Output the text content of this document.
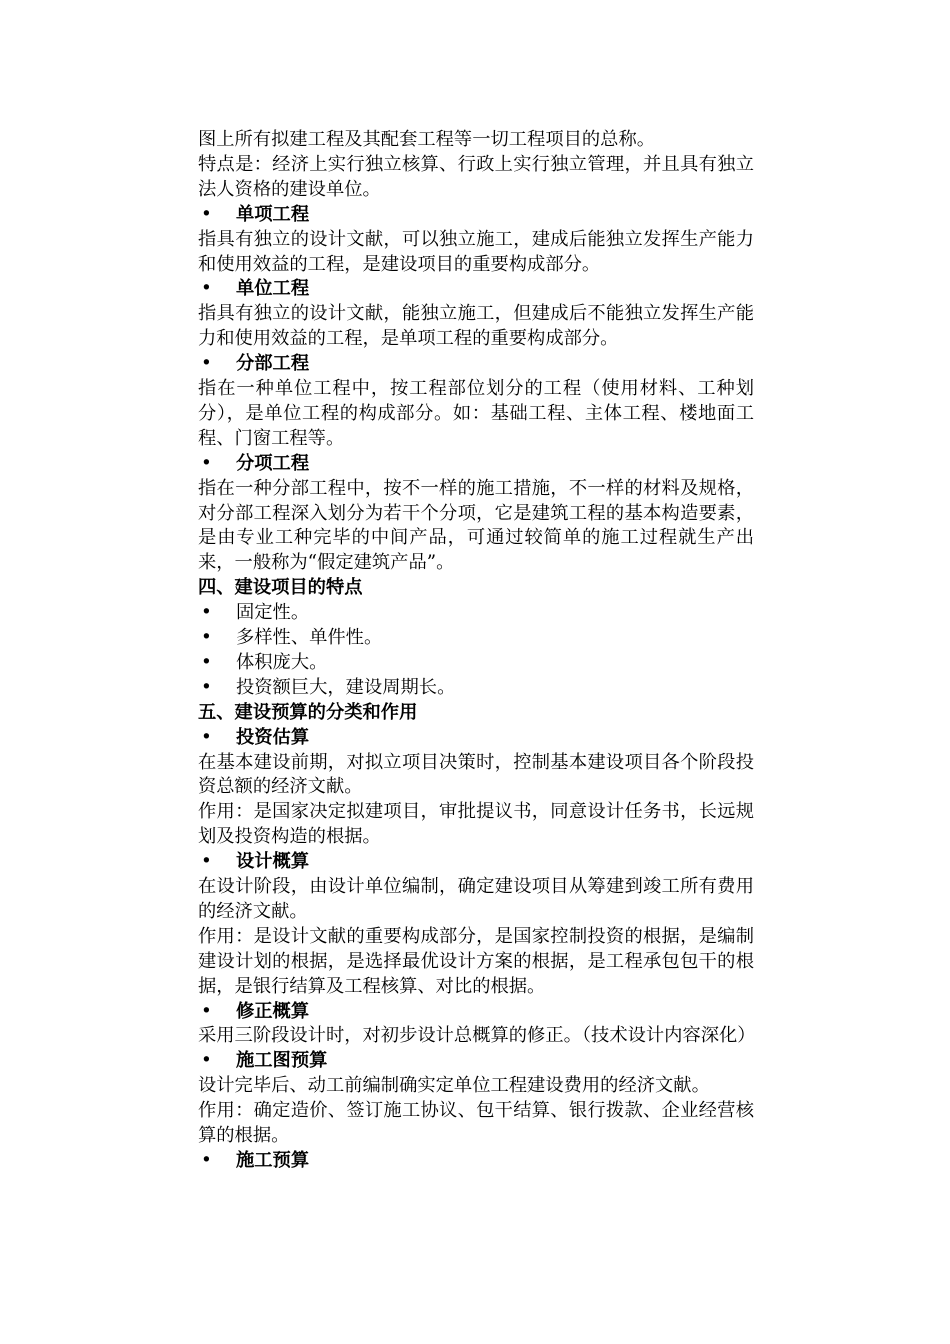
图上所有拟建工程及其配套工程等一切工程项目的总称。

特点是：经济上实行独立核算、行政上实行独立管理，并且具有独立法人资格的建设单位。

•	单项工程

指具有独立的设计文献，可以独立施工，建成后能独立发挥生产能力和使用效益的工程，是建设项目的重要构成部分。

•	单位工程

指具有独立的设计文献，能独立施工，但建成后不能独立发挥生产能力和使用效益的工程，是单项工程的重要构成部分。

•	分部工程

指在一种单位工程中，按工程部位划分的工程（使用材料、工种划分），是单位工程的构成部分。如：基础工程、主体工程、楼地面工程、门窗工程等。

•	分项工程

指在一种分部工程中，按不一样的施工措施，不一样的材料及规格，对分部工程深入划分为若干个分项，它是建筑工程的基本构造要素，是由专业工种完毕的中间产品，可通过较简单的施工过程就生产出来，一般称为“假定建筑产品”。

四、建设项目的特点
•	固定性。
•	多样性、单件性。
•	体积庞大。
•	投资额巨大，建设周期长。
五、建设预算的分类和作用
•	投资估算

在基本建设前期，对拟立项目决策时，控制基本建设项目各个阶段投资总额的经济文献。

作用：是国家决定拟建项目，审批提议书，同意设计任务书，长远规划及投资构造的根据。

•	设计概算

在设计阶段，由设计单位编制，确定建设项目从筹建到竣工所有费用的经济文献。

作用：是设计文献的重要构成部分，是国家控制投资的根据，是编制建设计划的根据，是选择最优设计方案的根据，是工程承包包干的根据，是银行结算及工程核算、对比的根据。

•	修正概算

采用三阶段设计时，对初步设计总概算的修正。（技术设计内容深化）

•	施工图预算

设计完毕后、动工前编制确实定单位工程建设费用的经济文献。

作用：确定造价、签订施工协议、包干结算、银行拨款、企业经营核算的根据。

•	施工预算
